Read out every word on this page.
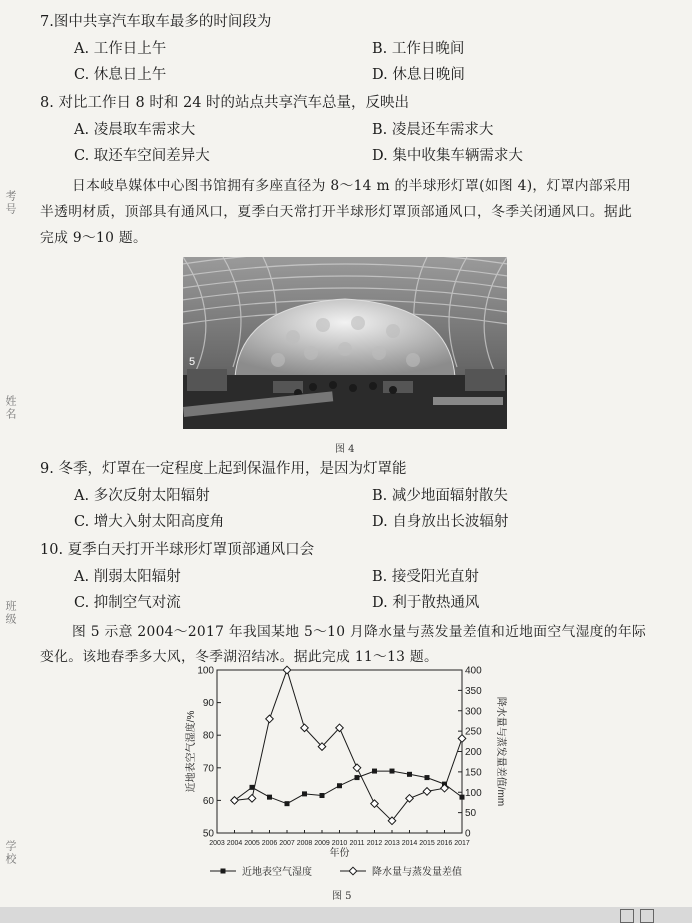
考号
姓名
班级
学校
7.图中共享汽车取车最多的时间段为
A. 工作日上午	B. 工作日晚间
C. 休息日上午	D. 休息日晚间
8. 对比工作日 8 时和 24 时的站点共享汽车总量，反映出
A. 凌晨取车需求大	B. 凌晨还车需求大
C. 取还车空间差异大	D. 集中收集车辆需求大
日本岐阜媒体中心图书馆拥有多座直径为 8～14 m 的半球形灯罩(如图 4)，灯罩内部采用
半透明材质，顶部具有通风口，夏季白天常打开半球形灯罩顶部通风口，冬季关闭通风口。据此
完成 9～10 题。
5
图 4
9. 冬季，灯罩在一定程度上起到保温作用，是因为灯罩能
A. 多次反射太阳辐射	B. 减少地面辐射散失
C. 增大入射太阳高度角	D. 自身放出长波辐射
10. 夏季白天打开半球形灯罩顶部通风口会
A. 削弱太阳辐射	B. 接受阳光直射
C. 抑制空气对流	D. 利于散热通风
图 5 示意 2004～2017 年我国某地 5～10 月降水量与蒸发量差值和近地面空气湿度的年际
变化。该地春季多大风，冬季湖沼结冰。据此完成 11～13 题。
50
60
70
80
90
100
0
50
100
150
200
250
300
350
400
2003 2004 2005 2006 2007 2008 2009 2010 2011 2012 2013 2014 2015 2016 2017
年份
近地表空气湿度/%	降水量与蒸发量差值/mm
近地表空气湿度	降水量与蒸发量差值
图 5
